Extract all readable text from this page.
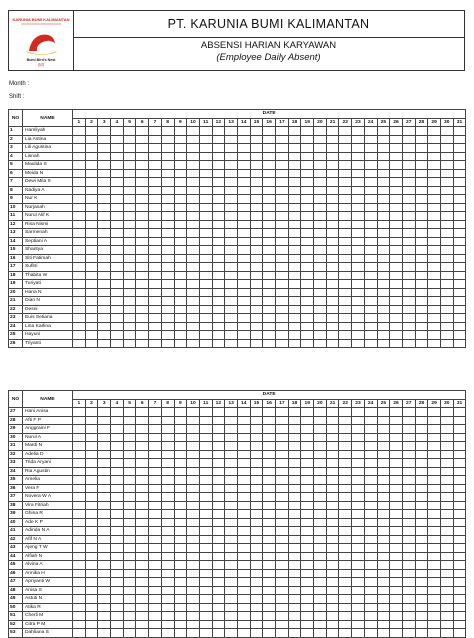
KARUNIA BUMI KALIMANTAN
Bumi Bird's Nest
燕窝
PT. KARUNIA BUMI KALIMANTAN
ABSENSI HARIAN KARYAWAN
(Employee Daily Absent)
Month :
Shift :
NO	NAME	DATE																														
		1	2	3	4	5	6	7	8	9	10	11	12	13	14	15	16	17	18	19	20	21	22	23	24	25	26	27	28	29	30	31
1	Hamliyah																															
2	Lia Astina																															
3	Lili Agustina																															
4	Lisnah																															
5	Maulida S																															
6	Meida N																															
7	Dewi Mila S																															
8	Nadiya A																															
9	Nur K																															
10	Nurjanah																															
11	Nurul Alif K																															
12	Risa Nismi																															
13	Sarmenah																															
14	Septiani A																															
15	Shantya																															
16	Siti Fatimah																															
17	Sufitri																															
18	Thabita W																															
19	Turiyati																															
20	Hana N																															
21	Dian N																															
22	Desni																															
23	Euis Setiana																															
24	Lina Karlina																															
25	Hayuni																															
26	Triyanti																															
NO	NAME	DATE																														
		1	2	3	4	5	6	7	8	9	10	11	12	13	14	15	16	17	18	19	20	21	22	23	24	25	26	27	28	29	30	31
27	Hani Anisa																															
28	Afti F P																															
29	Anggraini F																															
30	Nurul A																															
31	Mardi N																															
32	Adelia D																															
33	Trida Aryani																															
34	Ria Agustin																															
35	Amelia																															
36	Vera F																															
37	Novera W A																															
38	Vira Fitriah																															
39	Ghina R																															
40	Ade K P																															
41	Adinda N A																															
42	Afif N A																															
43	Ajeng T W																															
44	Alfiah N																															
45	Alvina A																															
46	Annika H																															
47	Apriyanti W																															
48	Anisa S																															
49	Astuti N																															
50	Atika R																															
51	Cherli M																															
52	Citra P M																															
53	Dahliana S																															
